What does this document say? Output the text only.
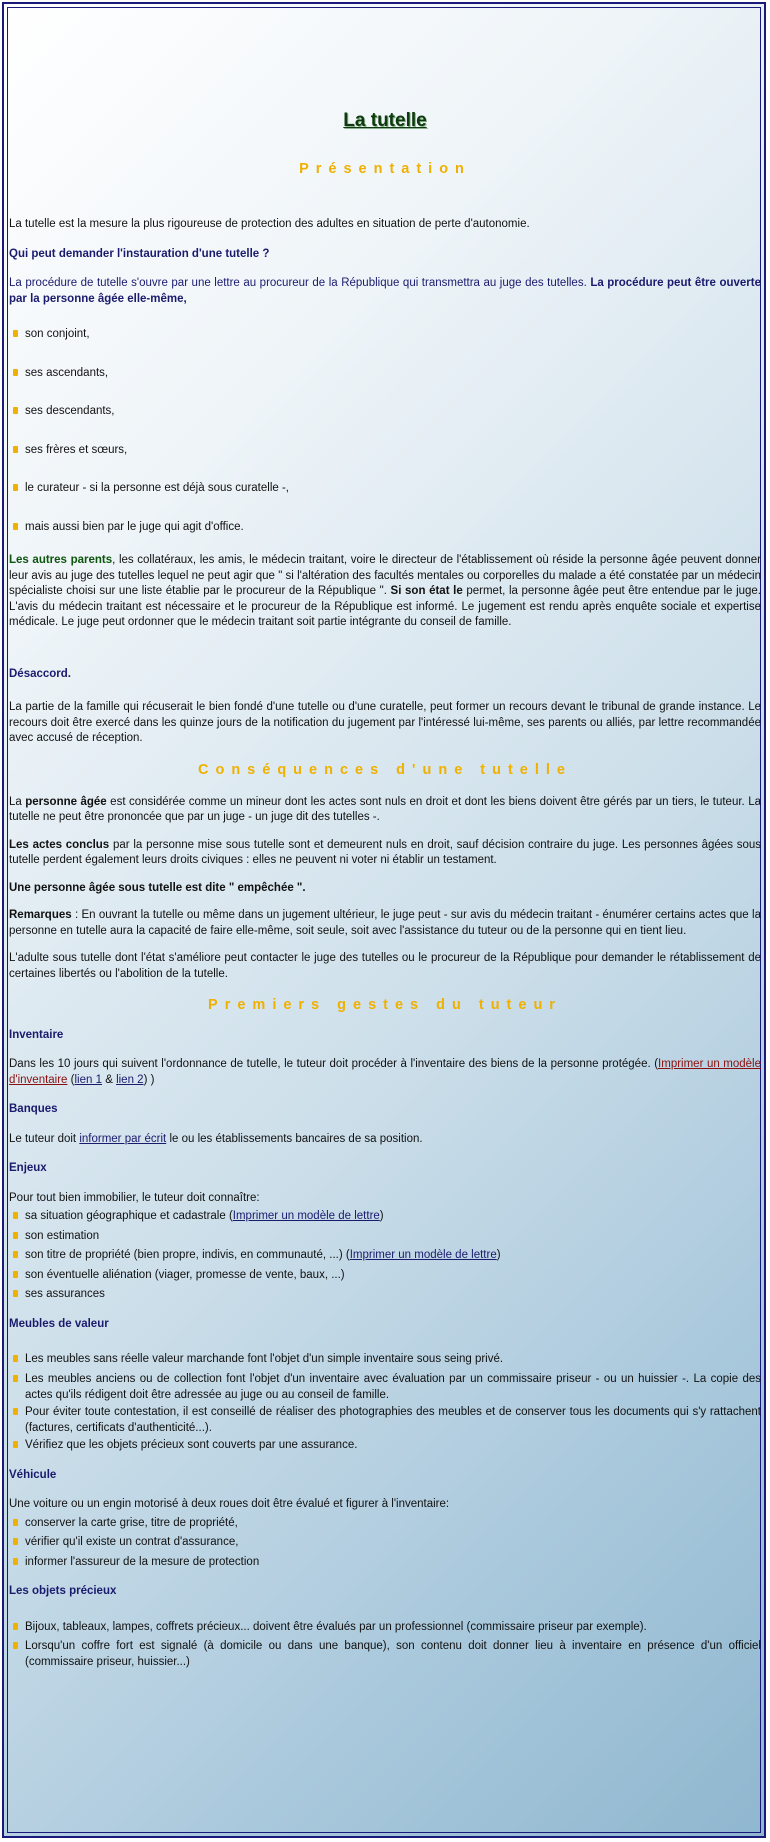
La tutelle

Présentation

La tutelle est la mesure la plus rigoureuse de protection des adultes en situation de perte d'autonomie.

Qui peut demander l'instauration d'une tutelle ?

La procédure de tutelle s'ouvre par une lettre au procureur de la République qui transmettra au juge des tutelles. La procédure peut être ouverte par la personne âgée elle-même,

son conjoint,
ses ascendants,
ses descendants,
ses frères et sœurs,
le curateur - si la personne est déjà sous curatelle -,
mais aussi bien par le juge qui agit d'office.

Les autres parents, les collatéraux, les amis, le médecin traitant, voire le directeur de l'établissement où réside la personne âgée peuvent donner leur avis au juge des tutelles lequel ne peut agir que " si l'altération des facultés mentales ou corporelles du malade a été constatée par un médecin spécialiste choisi sur une liste établie par le procureur de la République ". Si son état le permet, la personne âgée peut être entendue par le juge. L'avis du médecin traitant est nécessaire et le procureur de la République est informé. Le jugement est rendu après enquête sociale et expertise médicale. Le juge peut ordonner que le médecin traitant soit partie intégrante du conseil de famille.

Désaccord.

La partie de la famille qui récuserait le bien fondé d'une tutelle ou d'une curatelle, peut former un recours devant le tribunal de grande instance. Le recours doit être exercé dans les quinze jours de la notification du jugement par l'intéressé lui-même, ses parents ou alliés, par lettre recommandée avec accusé de réception.

Conséquences d'une tutelle

La personne âgée est considérée comme un mineur dont les actes sont nuls en droit et dont les biens doivent être gérés par un tiers, le tuteur. La tutelle ne peut être prononcée que par un juge - un juge dit des tutelles -.

Les actes conclus par la personne mise sous tutelle sont et demeurent nuls en droit, sauf décision contraire du juge. Les personnes âgées sous tutelle perdent également leurs droits civiques : elles ne peuvent ni voter ni établir un testament.

Une personne âgée sous tutelle est dite " empêchée ".

Remarques : En ouvrant la tutelle ou même dans un jugement ultérieur, le juge peut - sur avis du médecin traitant - énumérer certains actes que la personne en tutelle aura la capacité de faire elle-même, soit seule, soit avec l'assistance du tuteur ou de la personne qui en tient lieu.

L'adulte sous tutelle dont l'état s'améliore peut contacter le juge des tutelles ou le procureur de la République pour demander le rétablissement de certaines libertés ou l'abolition de la tutelle.

Premiers gestes du tuteur

Inventaire

Dans les 10 jours qui suivent l'ordonnance de tutelle, le tuteur doit procéder à l'inventaire des biens de la personne protégée. (Imprimer un modèle d'inventaire (lien 1 & lien 2) )

Banques

Le tuteur doit informer par écrit le ou les établissements bancaires de sa position.

Enjeux

Pour tout bien immobilier, le tuteur doit connaître:

sa situation géographique et cadastrale (Imprimer un modèle de lettre)
son estimation
son titre de propriété (bien propre, indivis, en communauté, ...) (Imprimer un modèle de lettre)
son éventuelle aliénation (viager, promesse de vente, baux, ...)
ses assurances

Meubles de valeur

Les meubles sans réelle valeur marchande font l'objet d'un simple inventaire sous seing privé.
Les meubles anciens ou de collection font l'objet d'un inventaire avec évaluation par un commissaire priseur - ou un huissier -. La copie des actes qu'ils rédigent doit être adressée au juge ou au conseil de famille.
Pour éviter toute contestation, il est conseillé de réaliser des photographies des meubles et de conserver tous les documents qui s'y rattachent (factures, certificats d'authenticité...).
Vérifiez que les objets précieux sont couverts par une assurance.

Véhicule

Une voiture ou un engin motorisé à deux roues doit être évalué et figurer à l'inventaire:

conserver la carte grise, titre de propriété,
vérifier qu'il existe un contrat d'assurance,
informer l'assureur de la mesure de protection

Les objets précieux

Bijoux, tableaux, lampes, coffrets précieux... doivent être évalués par un professionnel (commissaire priseur par exemple).
Lorsqu'un coffre fort est signalé (à domicile ou dans une banque), son contenu doit donner lieu à inventaire en présence d'un officiel (commissaire priseur, huissier...)
